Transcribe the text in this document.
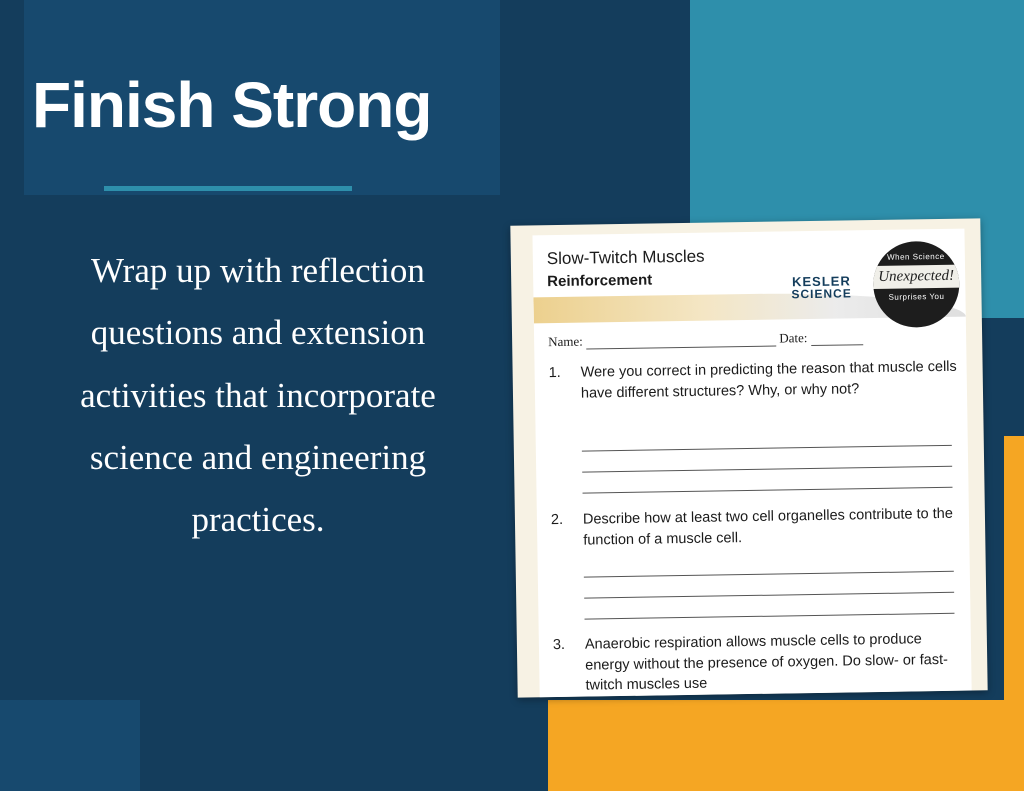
Finish Strong
Wrap up with reflection questions and extension activities that incorporate science and engineering practices.
Slow-Twitch Muscles
Reinforcement	KESLER
SCIENCE
When Science
Unexpected!
Surprises You
Name:	Date:
1.	Were you correct in predicting the reason that muscle cells have different structures? Why, or why not?
2.	Describe how at least two cell organelles contribute to the function of a muscle cell.
3.	Anaerobic respiration allows muscle cells to produce energy without the presence of oxygen. Do slow- or fast-twitch muscles use
